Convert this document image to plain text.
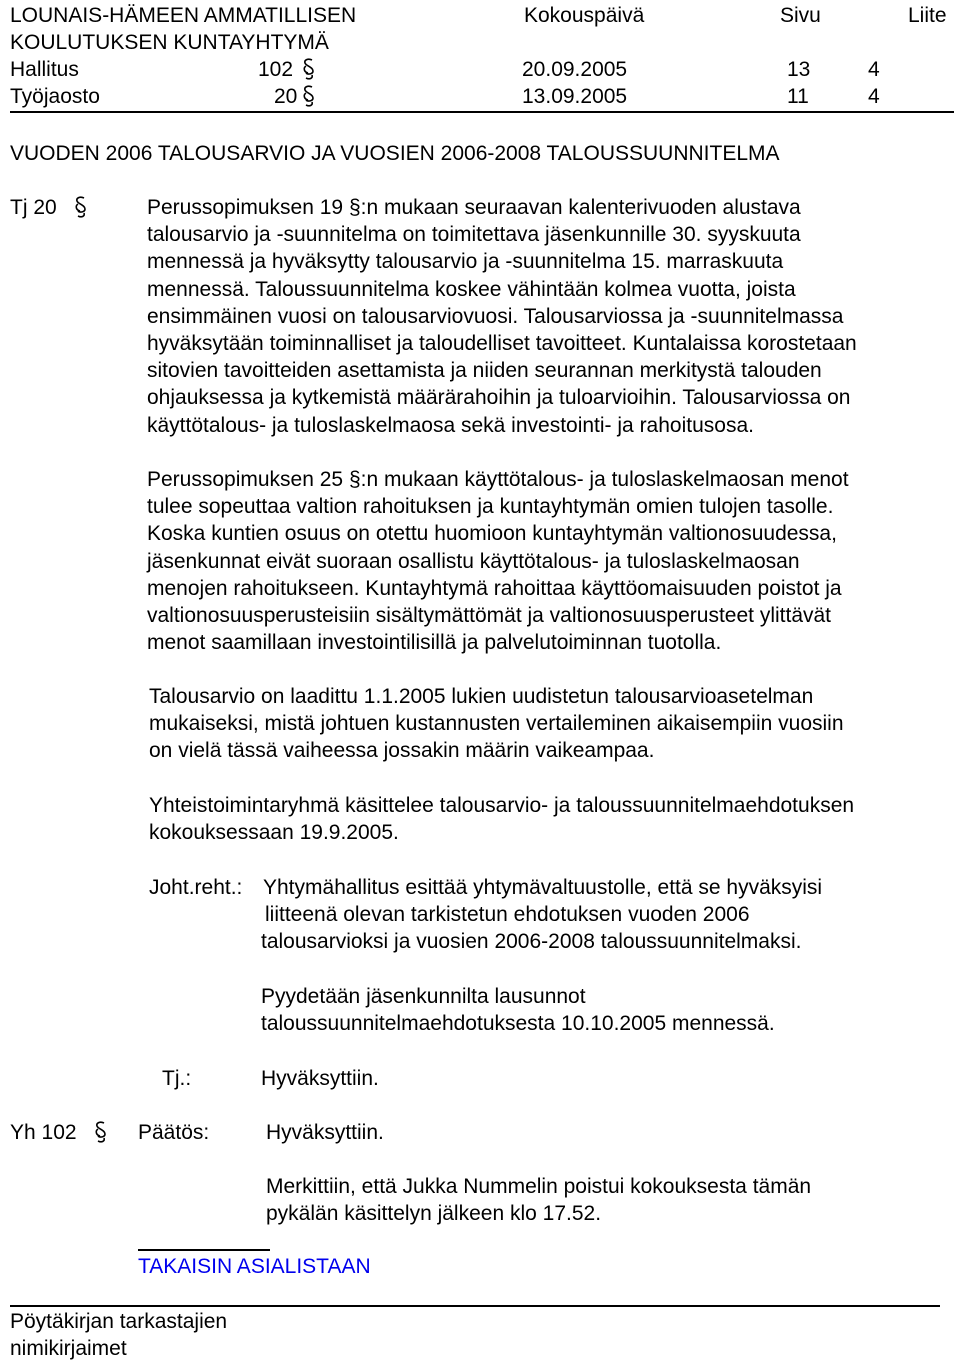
LOUNAIS-HÄMEEN AMMATILLISEN
KOULUTUKSEN KUNTAYHTYMÄ
Kokouspäivä	Sivu	Liite
Hallitus	102	20.09.2005	13	4
Työjaosto	20	13.09.2005	11	4
VUODEN 2006 TALOUSARVIO JA VUOSIEN 2006-2008 TALOUSSUUNNITELMA
Tj 20	Perussopimuksen 19 §:n mukaan seuraavan kalenterivuoden alustava
talousarvio ja -suunnitelma on toimitettava jäsenkunnille 30. syyskuuta
mennessä ja hyväksytty talousarvio ja -suunnitelma 15. marraskuuta
mennessä. Taloussuunnitelma koskee vähintään kolmea vuotta, joista
ensimmäinen vuosi on talousarviovuosi. Talousarviossa ja -suunnitelmassa
hyväksytään toiminnalliset ja taloudelliset tavoitteet. Kuntalaissa korostetaan
sitovien tavoitteiden asettamista ja niiden seurannan merkitystä talouden
ohjauksessa ja kytkemistä määrärahoihin ja tuloarvioihin. Talousarviossa on
käyttötalous- ja tuloslaskelmaosa sekä investointi- ja rahoitusosa.
Perussopimuksen 25 §:n mukaan käyttötalous- ja tuloslaskelmaosan menot
tulee sopeuttaa valtion rahoituksen ja kuntayhtymän omien tulojen tasolle.
Koska kuntien osuus on otettu huomioon kuntayhtymän valtionosuudessa,
jäsenkunnat eivät suoraan osallistu käyttötalous- ja tuloslaskelmaosan
menojen rahoitukseen. Kuntayhtymä rahoittaa käyttöomaisuuden poistot ja
valtionosuusperusteisiin sisältymättömät ja valtionosuusperusteet ylittävät
menot saamillaan investointilisillä ja palvelutoiminnan tuotolla.
Talousarvio on laadittu 1.1.2005 lukien uudistetun talousarvioasetelman
mukaiseksi, mistä johtuen kustannusten vertaileminen aikaisempiin vuosiin
on vielä tässä vaiheessa jossakin määrin vaikeampaa.
Yhteistoimintaryhmä käsittelee talousarvio- ja taloussuunnitelmaehdotuksen
kokouksessaan 19.9.2005.
Joht.reht.: Yhtymähallitus esittää yhtymävaltuustolle, että se hyväksyisi
liitteenä olevan tarkistetun ehdotuksen vuoden 2006
talousarvioksi ja vuosien 2006-2008 taloussuunnitelmaksi.
Pyydetään jäsenkunnilta lausunnot
taloussuunnitelmaehdotuksesta 10.10.2005 mennessä.
Tj.:	Hyväksyttiin.
Yh 102	Päätös:	Hyväksyttiin.
Merkittiin, että Jukka Nummelin poistui kokouksesta tämän
pykälän käsittelyn jälkeen klo 17.52.
TAKAISIN ASIALISTAAN
Pöytäkirjan tarkastajien
nimikirjaimet
